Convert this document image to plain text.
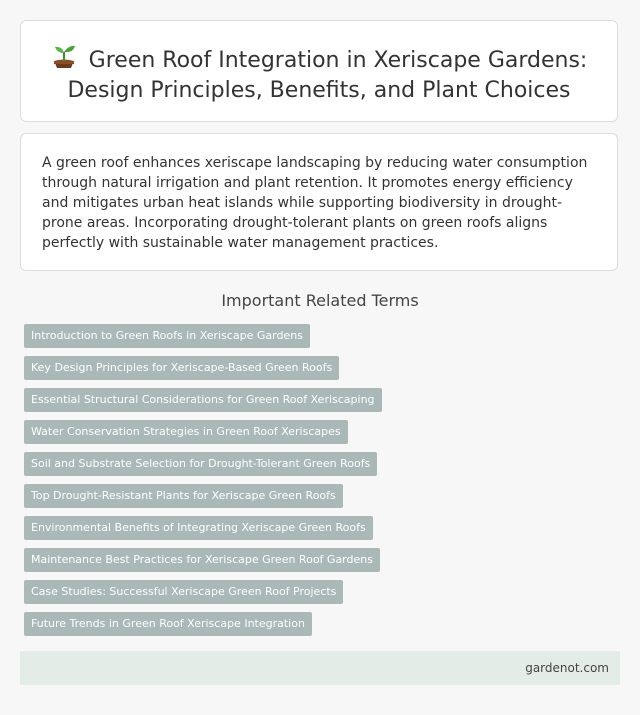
Green Roof Integration in Xeriscape Gardens:
Design Principles, Benefits, and Plant Choices

A green roof enhances xeriscape landscaping by reducing water consumption through natural irrigation and plant retention. It promotes energy efficiency and mitigates urban heat islands while supporting biodiversity in drought-prone areas. Incorporating drought-tolerant plants on green roofs aligns perfectly with sustainable water management practices.

Important Related Terms
Introduction to Green Roofs in Xeriscape Gardens
Key Design Principles for Xeriscape-Based Green Roofs
Essential Structural Considerations for Green Roof Xeriscaping
Water Conservation Strategies in Green Roof Xeriscapes
Soil and Substrate Selection for Drought-Tolerant Green Roofs
Top Drought-Resistant Plants for Xeriscape Green Roofs
Environmental Benefits of Integrating Xeriscape Green Roofs
Maintenance Best Practices for Xeriscape Green Roof Gardens
Case Studies: Successful Xeriscape Green Roof Projects
Future Trends in Green Roof Xeriscape Integration
gardenot.com
